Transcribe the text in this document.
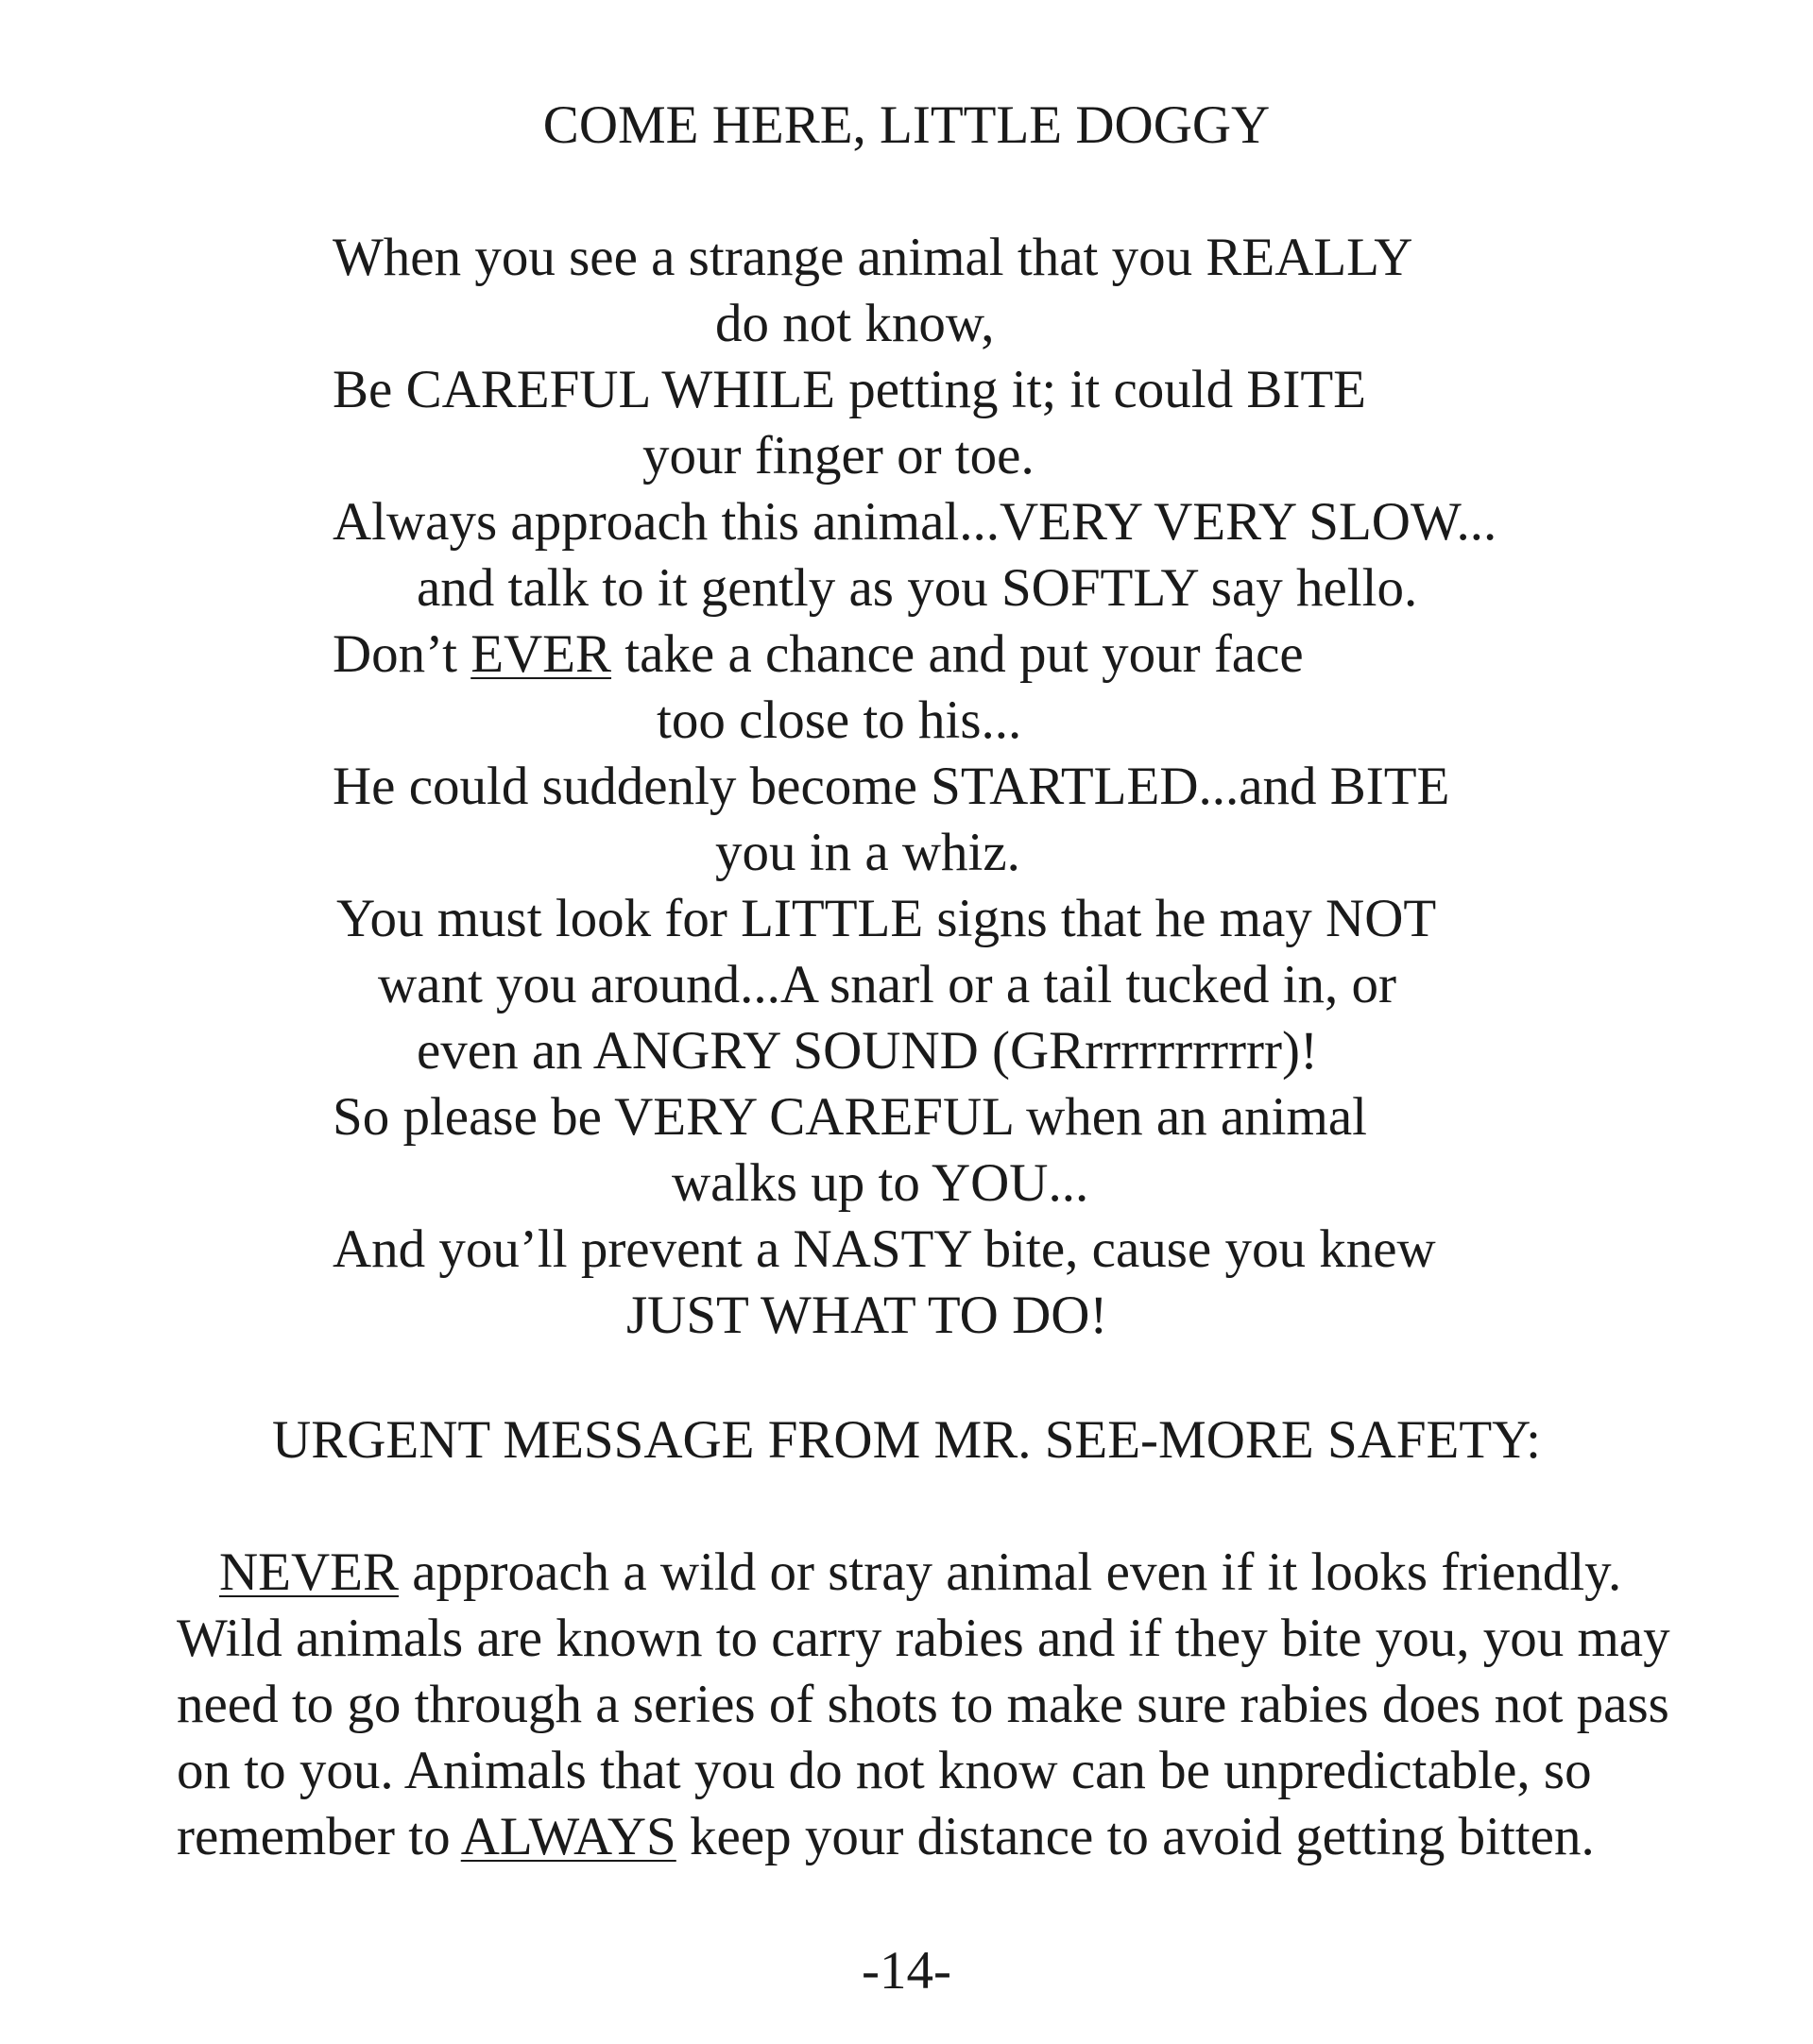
COME HERE, LITTLE DOGGY
When you see a strange animal that you REALLY
do not know,
Be CAREFUL WHILE petting it; it could BITE
your finger or toe.
Always approach this animal...VERY VERY SLOW...
and talk to it gently as you SOFTLY say hello.
Don’t EVER take a chance and put your face
too close to his...
He could suddenly become STARTLED...and BITE
you in a whiz.
You must look for LITTLE signs that he may NOT
want you around...A snarl or a tail tucked in, or
even an ANGRY SOUND (GRrrrrrrrrrrr)!
So please be VERY CAREFUL when an animal
walks up to YOU...
And you’ll prevent a NASTY bite, cause you knew
JUST WHAT TO DO!
URGENT MESSAGE FROM MR. SEE-MORE SAFETY:
NEVER approach a wild or stray animal even if it looks friendly.
Wild animals are known to carry rabies and if they bite you, you may
need to go through a series of shots to make sure rabies does not pass
on to you. Animals that you do not know can be unpredictable, so
remember to ALWAYS keep your distance to avoid getting bitten.
-14-
